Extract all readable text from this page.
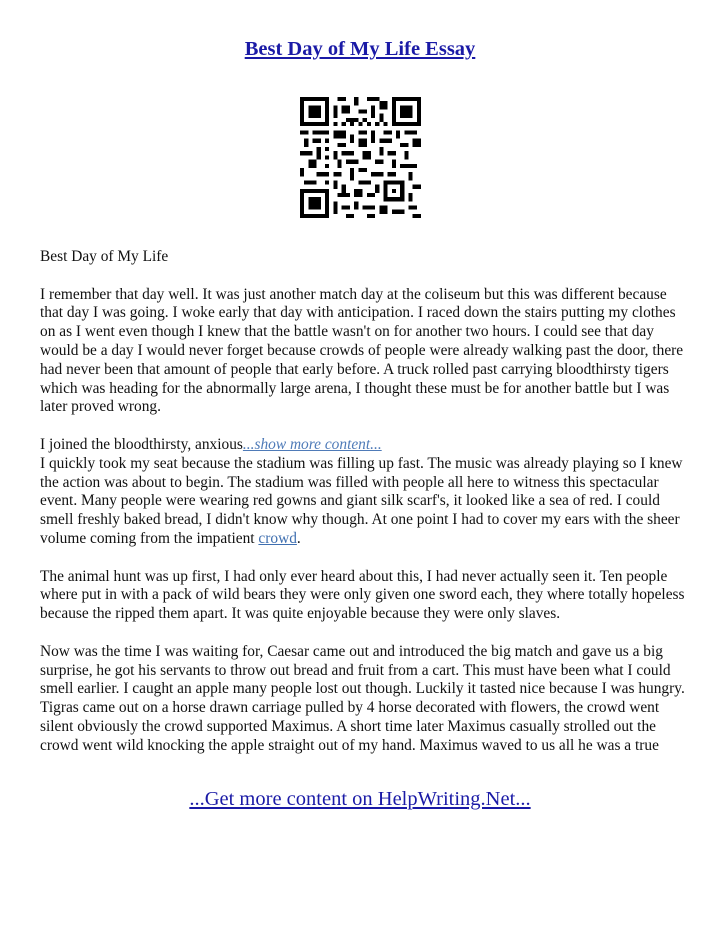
Best Day of My Life Essay

Best Day of My Life

I remember that day well. It was just another match day at the coliseum but this was different because that day I was going. I woke early that day with anticipation. I raced down the stairs putting my clothes on as I went even though I knew that the battle wasn't on for another two hours. I could see that day would be a day I would never forget because crowds of people were already walking past the door, there had never been that amount of people that early before. A truck rolled past carrying bloodthirsty tigers which was heading for the abnormally large arena, I thought these must be for another battle but I was later proved wrong.

I joined the bloodthirsty, anxious...show more content...
I quickly took my seat because the stadium was filling up fast. The music was already playing so I knew the action was about to begin. The stadium was filled with people all here to witness this spectacular event. Many people were wearing red gowns and giant silk scarf's, it looked like a sea of red. I could smell freshly baked bread, I didn't know why though. At one point I had to cover my ears with the sheer volume coming from the impatient crowd.

The animal hunt was up first, I had only ever heard about this, I had never actually seen it. Ten people where put in with a pack of wild bears they were only given one sword each, they where totally hopeless because the ripped them apart. It was quite enjoyable because they were only slaves.

Now was the time I was waiting for, Caesar came out and introduced the big match and gave us a big surprise, he got his servants to throw out bread and fruit from a cart. This must have been what I could smell earlier. I caught an apple many people lost out though. Luckily it tasted nice because I was hungry. Tigras came out on a horse drawn carriage pulled by 4 horse decorated with flowers, the crowd went silent obviously the crowd supported Maximus. A short time later Maximus casually strolled out the crowd went wild knocking the apple straight out of my hand. Maximus waved to us all he was a true

...Get more content on HelpWriting.Net...
